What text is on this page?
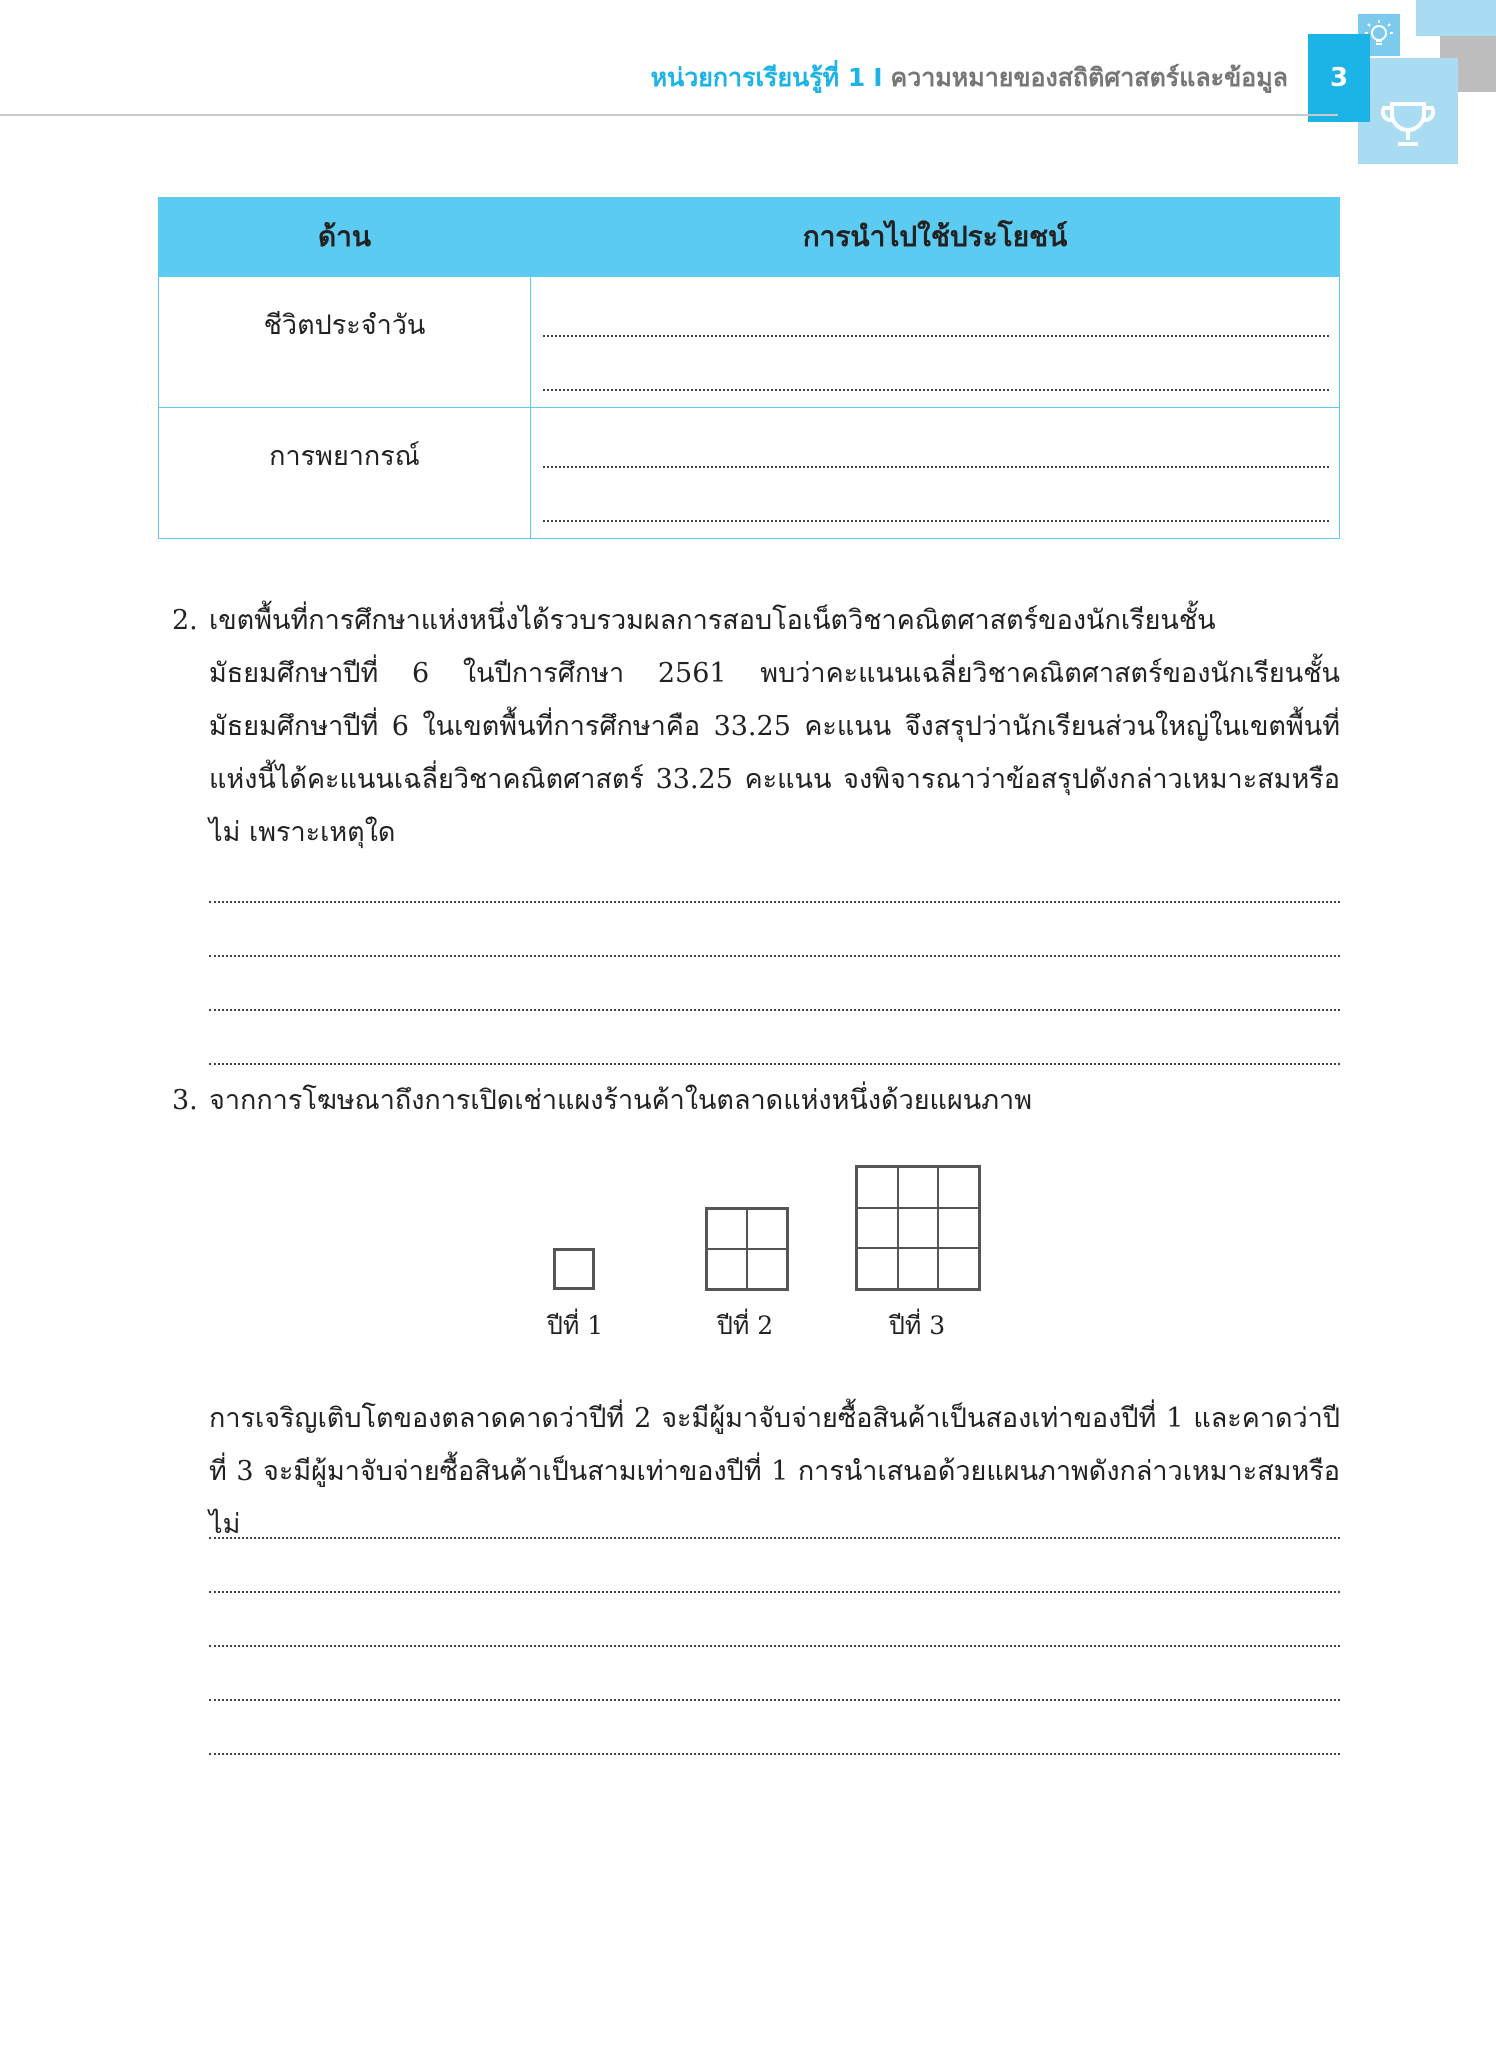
3
หน่วยการเรียนรู้ที่ 1 I ความหมายของสถิติศาสตร์และข้อมูล
ด้าน	การนำไปใช้ประโยชน์
ชีวิตประจำวัน	

การพยากรณ์	
2. เขตพื้นที่การศึกษาแห่งหนึ่งได้รวบรวมผลการสอบโอเน็ตวิชาคณิตศาสตร์ของนักเรียนชั้นมัธยมศึกษาปีที่ 6 ในปีการศึกษา 2561 พบว่าคะแนนเฉลี่ยวิชาคณิตศาสตร์ของนักเรียนชั้นมัธยมศึกษาปีที่ 6 ในเขตพื้นที่การศึกษาคือ 33.25 คะแนน จึงสรุปว่านักเรียนส่วนใหญ่ในเขตพื้นที่แห่งนี้ได้คะแนนเฉลี่ยวิชาคณิตศาสตร์ 33.25 คะแนน จงพิจารณาว่าข้อสรุปดังกล่าวเหมาะสมหรือไม่ เพราะเหตุใด
3. จากการโฆษณาถึงการเปิดเช่าแผงร้านค้าในตลาดแห่งหนึ่งด้วยแผนภาพ
ปีที่ 1	ปีที่ 2	ปีที่ 3
การเจริญเติบโตของตลาดคาดว่าปีที่ 2 จะมีผู้มาจับจ่ายซื้อสินค้าเป็นสองเท่าของปีที่ 1 และคาดว่าปีที่ 3 จะมีผู้มาจับจ่ายซื้อสินค้าเป็นสามเท่าของปีที่ 1 การนำเสนอด้วยแผนภาพดังกล่าวเหมาะสมหรือไม่
